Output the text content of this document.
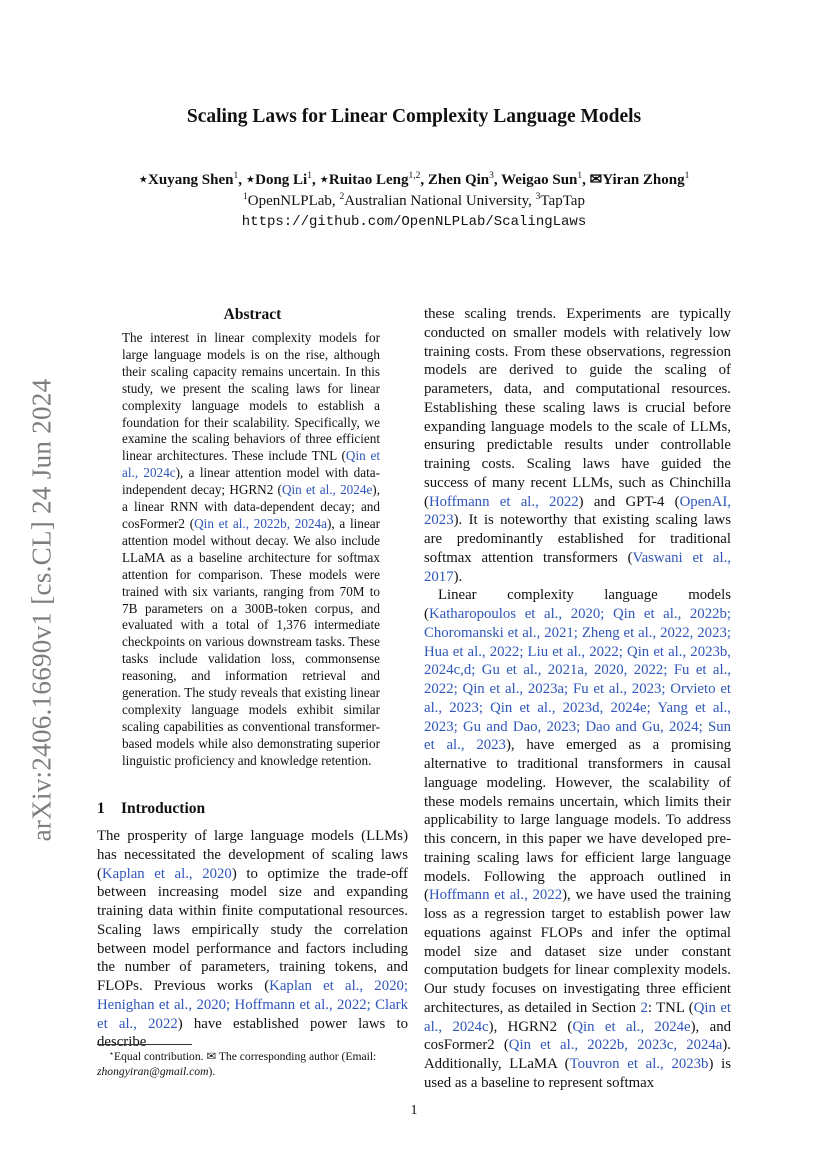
arXiv:2406.16690v1 [cs.CL] 24 Jun 2024
Scaling Laws for Linear Complexity Language Models
⋆Xuyang Shen$^1$, ⋆Dong Li$^1$, ⋆Ruitao Leng$^{1,2}$, Zhen Qin$^3$, Weigao Sun$^1$, ✉Yiran Zhong$^1$
$^1$OpenNLPLab, $^2$Australian National University, $^3$TapTap
https://github.com/OpenNLPLab/ScalingLaws
Abstract

The interest in linear complexity models for large language models is on the rise, although their scaling capacity remains uncertain. In this study, we present the scaling laws for linear complexity language models to establish a foundation for their scalability. Specifically, we examine the scaling behaviors of three efficient linear architectures. These include TNL (Qin et al., 2024c), a linear attention model with data-independent decay; HGRN2 (Qin et al., 2024e), a linear RNN with data-dependent decay; and cosFormer2 (Qin et al., 2022b, 2024a), a linear attention model without decay. We also include LLaMA as a baseline architecture for softmax attention for comparison. These models were trained with six variants, ranging from 70M to 7B parameters on a 300B-token corpus, and evaluated with a total of 1,376 intermediate checkpoints on various downstream tasks. These tasks include validation loss, commonsense reasoning, and information retrieval and generation. The study reveals that existing linear complexity language models exhibit similar scaling capabilities as conventional transformer-based models while also demonstrating superior linguistic proficiency and knowledge retention.

1 Introduction

The prosperity of large language models (LLMs) has necessitated the development of scaling laws (Kaplan et al., 2020) to optimize the trade-off between increasing model size and expanding training data within finite computational resources. Scaling laws empirically study the correlation between model performance and factors including the number of parameters, training tokens, and FLOPs. Previous works (Kaplan et al., 2020; Henighan et al., 2020; Hoffmann et al., 2022; Clark et al., 2022) have established power laws to describe

these scaling trends. Experiments are typically conducted on smaller models with relatively low training costs. From these observations, regression models are derived to guide the scaling of parameters, data, and computational resources. Establishing these scaling laws is crucial before expanding language models to the scale of LLMs, ensuring predictable results under controllable training costs. Scaling laws have guided the success of many recent LLMs, such as Chinchilla (Hoffmann et al., 2022) and GPT-4 (OpenAI, 2023). It is noteworthy that existing scaling laws are predominantly established for traditional softmax attention transformers (Vaswani et al., 2017).

Linear complexity language models (Katharopoulos et al., 2020; Qin et al., 2022b; Choromanski et al., 2021; Zheng et al., 2022, 2023; Hua et al., 2022; Liu et al., 2022; Qin et al., 2023b, 2024c,d; Gu et al., 2021a, 2020, 2022; Fu et al., 2022; Qin et al., 2023a; Fu et al., 2023; Orvieto et al., 2023; Qin et al., 2023d, 2024e; Yang et al., 2023; Gu and Dao, 2023; Dao and Gu, 2024; Sun et al., 2023), have emerged as a promising alternative to traditional transformers in causal language modeling. However, the scalability of these models remains uncertain, which limits their applicability to large language models. To address this concern, in this paper we have developed pre-training scaling laws for efficient large language models. Following the approach outlined in (Hoffmann et al., 2022), we have used the training loss as a regression target to establish power law equations against FLOPs and infer the optimal model size and dataset size under constant computation budgets for linear complexity models. Our study focuses on investigating three efficient architectures, as detailed in Section 2: TNL (Qin et al., 2024c), HGRN2 (Qin et al., 2024e), and cosFormer2 (Qin et al., 2022b, 2023c, 2024a). Additionally, LLaMA (Touvron et al., 2023b) is used as a baseline to represent softmax

⋆Equal contribution. ✉ The corresponding author (Email: zhongyiran@gmail.com).
1
